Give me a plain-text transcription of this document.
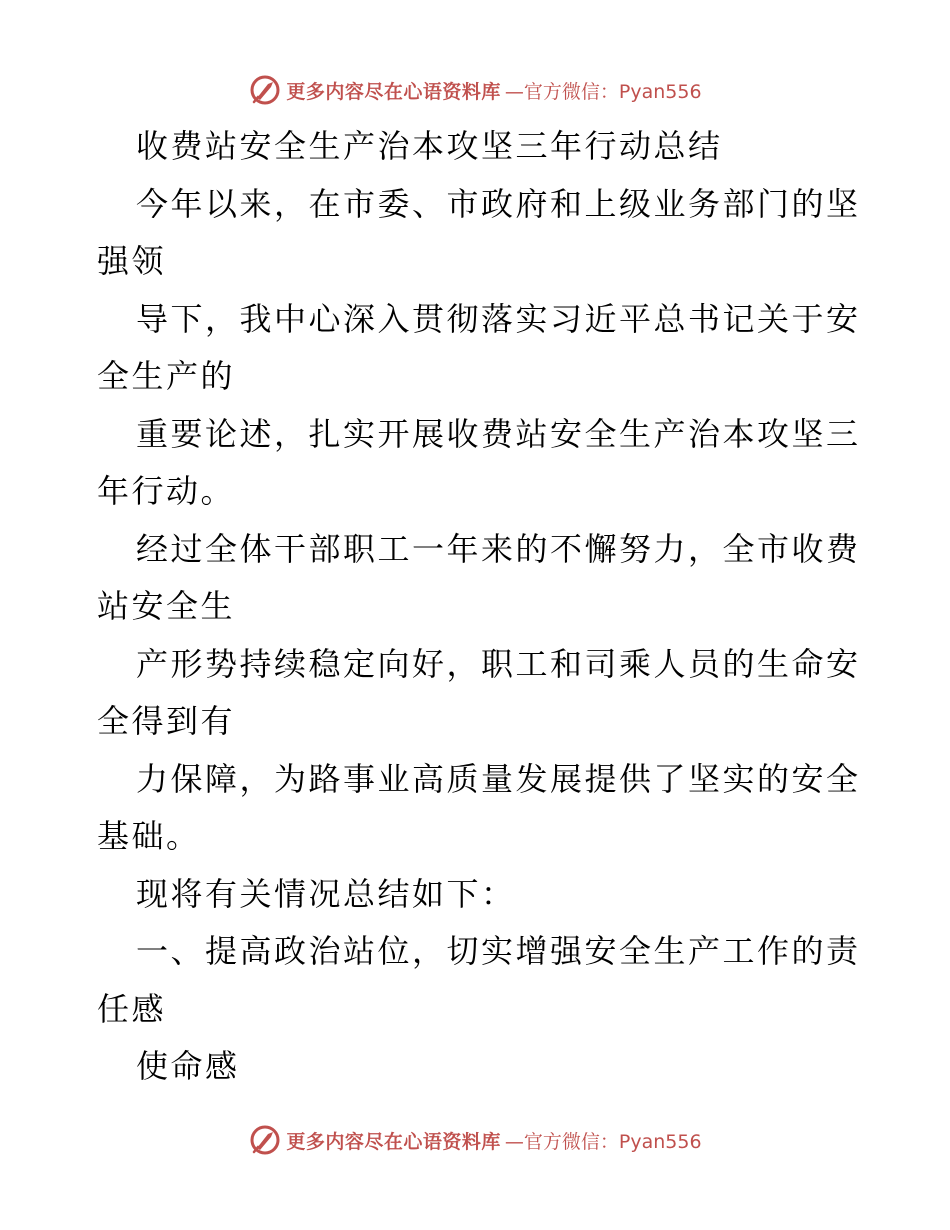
更多内容尽在心语资料库 —官方微信：Pyan556
收费站安全生产治本攻坚三年行动总结
今年以来，在市委、市政府和上级业务部门的坚
强领
导下，我中心深入贯彻落实习近平总书记关于安
全生产的
重要论述，扎实开展收费站安全生产治本攻坚三
年行动。
经过全体干部职工一年来的不懈努力，全市收费
站安全生
产形势持续稳定向好，职工和司乘人员的生命安
全得到有
力保障，为路事业高质量发展提供了坚实的安全
基础。
现将有关情况总结如下：
一、提高政治站位，切实增强安全生产工作的责
任感
使命感
更多内容尽在心语资料库 —官方微信：Pyan556
